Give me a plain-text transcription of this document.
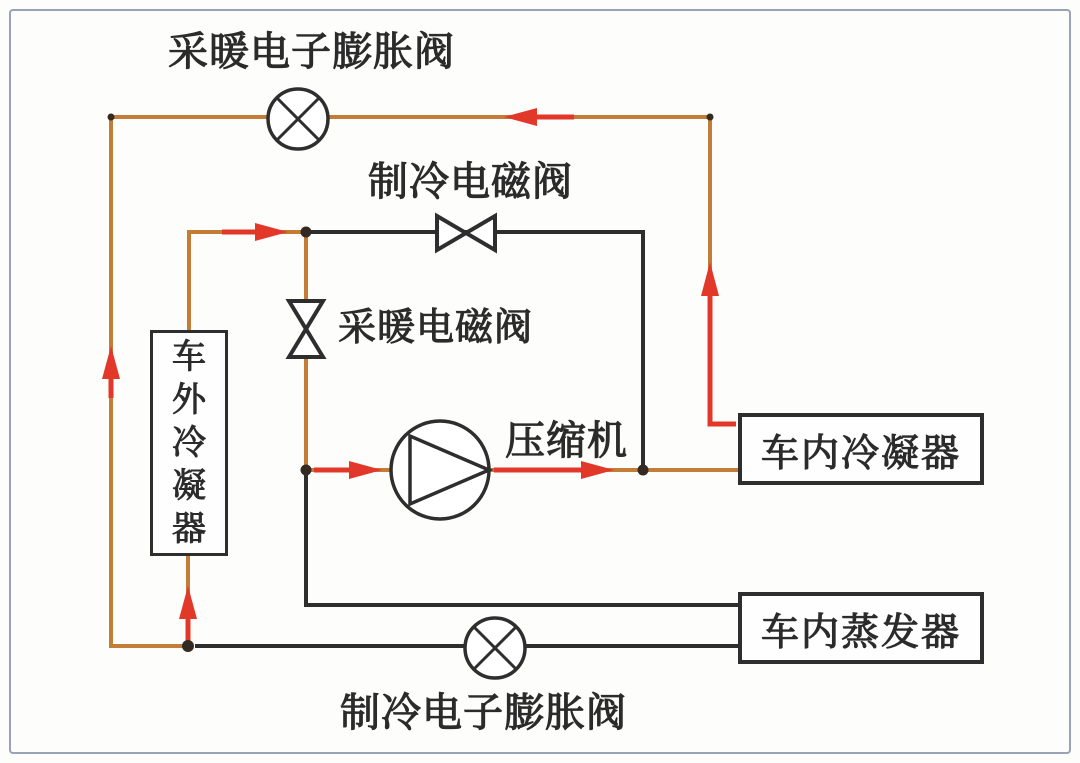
车
外
冷
凝
器
车内冷凝器
车内蒸发器
采暖电子膨胀阀
制冷电磁阀
采暖电磁阀
压缩机
制冷电子膨胀阀
